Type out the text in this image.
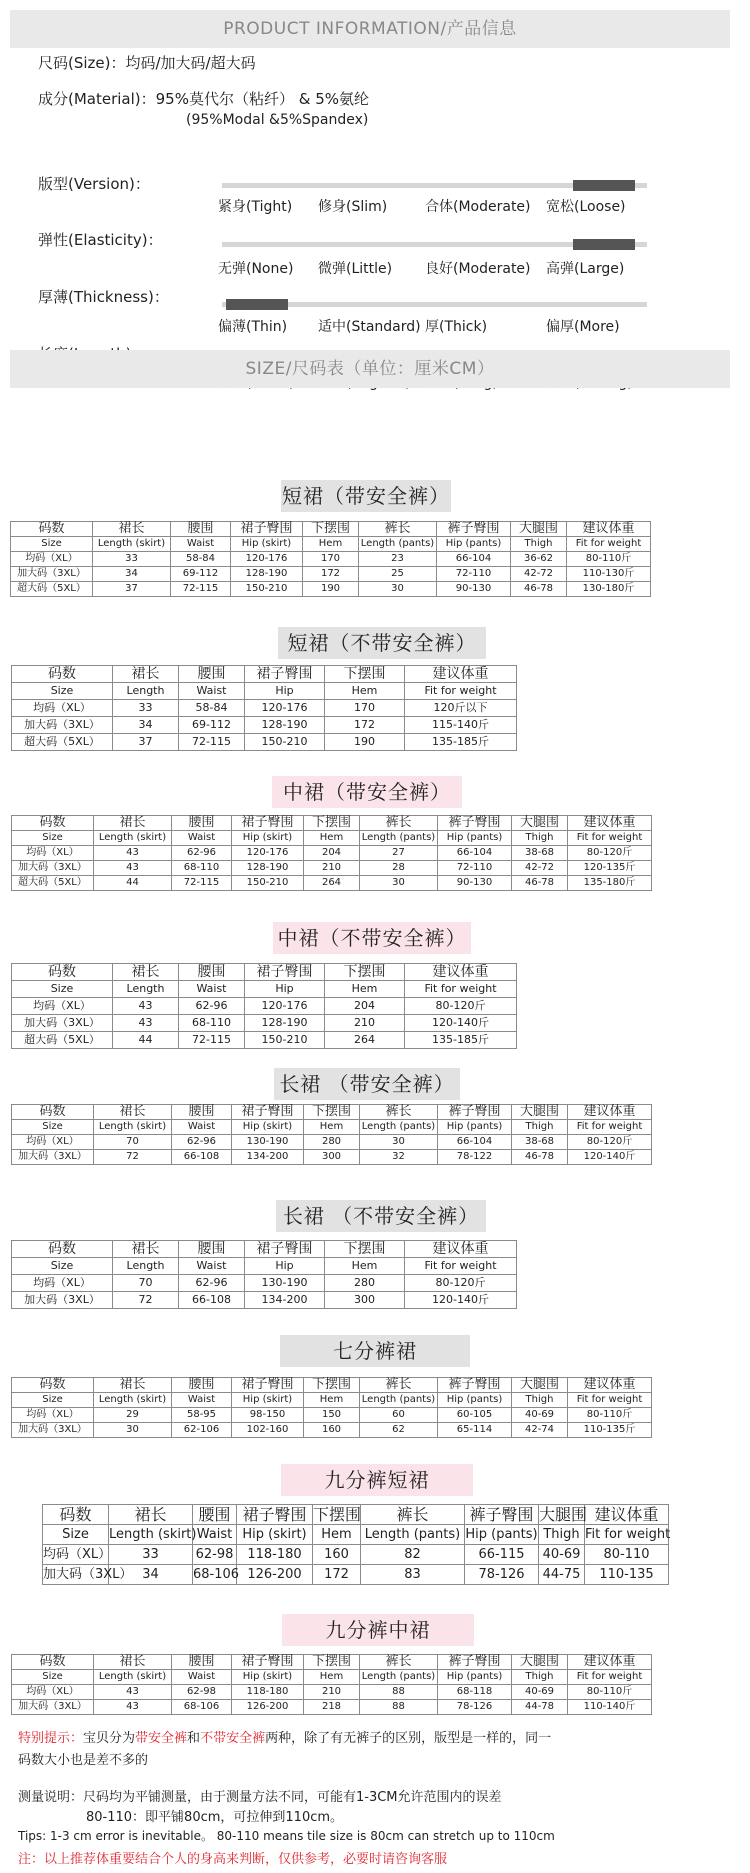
PRODUCT INFORMATION/产品信息
尺码(Size)：均码/加大码/超大码
成分(Material)：95%莫代尔（粘纤） & 5%氨纶
(95%Modal &5%Spandex)
版型(Version)：
紧身(Tight) 修身(Slim)	合体(Moderate) 宽松(Loose)
弹性(Elasticity)：
无弹(None) 微弹(Little) 良好(Moderate) 高弹(Large)
厚薄(Thickness)：
偏薄(Thin) 适中(Standard) 厚(Thick)	偏厚(More)
SIZE/尺码表（单位：厘米CM）
短裙（带安全裤）
码数	裙长	腰围	裙子臀围	下摆围	裤长	裤子臀围	大腿围	建议体重
Size	Length (skirt)	Waist	Hip (skirt)	Hem	Length (pants)	Hip (pants)	Thigh	Fit for weight
均码（XL）	33	58-84	120-176	170	23	66-104	36-62	80-110斤
加大码（3XL）	34	69-112	128-190	172	25	72-110	42-72	110-130斤
超大码（5XL）	37	72-115	150-210	190	30	90-130	46-78	130-180斤
短裙（不带安全裤）
码数	裙长	腰围	裙子臀围	下摆围	建议体重
Size	Length	Waist	Hip	Hem	Fit for weight
均码（XL）	33	58-84	120-176	170	120斤以下
加大码（3XL）	34	69-112	128-190	172	115-140斤
超大码（5XL）	37	72-115	150-210	190	135-185斤
中裙（带安全裤）
码数	裙长	腰围	裙子臀围	下摆围	裤长	裤子臀围	大腿围	建议体重
Size	Length (skirt)	Waist	Hip (skirt)	Hem	Length (pants)	Hip (pants)	Thigh	Fit for weight
均码（XL）	43	62-96	120-176	204	27	66-104	38-68	80-120斤
加大码（3XL）	43	68-110	128-190	210	28	72-110	42-72	120-135斤
超大码（5XL）	44	72-115	150-210	264	30	90-130	46-78	135-180斤
中裙（不带安全裤）
码数	裙长	腰围	裙子臀围	下摆围	建议体重
Size	Length	Waist	Hip	Hem	Fit for weight
均码（XL）	43	62-96	120-176	204	80-120斤
加大码（3XL）	43	68-110	128-190	210	120-140斤
超大码（5XL）	44	72-115	150-210	264	135-185斤
长裙 （带安全裤）
码数	裙长	腰围	裙子臀围	下摆围	裤长	裤子臀围	大腿围	建议体重
Size	Length (skirt)	Waist	Hip (skirt)	Hem	Length (pants)	Hip (pants)	Thigh	Fit for weight
均码（XL）	70	62-96	130-190	280	30	66-104	38-68	80-120斤
加大码（3XL）	72	66-108	134-200	300	32	78-122	46-78	120-140斤
长裙 （不带安全裤）
码数	裙长	腰围	裙子臀围	下摆围	建议体重
Size	Length	Waist	Hip	Hem	Fit for weight
均码（XL）	70	62-96	130-190	280	80-120斤
加大码（3XL）	72	66-108	134-200	300	120-140斤
七分裤裙
码数	裙长	腰围	裙子臀围	下摆围	裤长	裤子臀围	大腿围	建议体重
Size	Length (skirt)	Waist	Hip (skirt)	Hem	Length (pants)	Hip (pants)	Thigh	Fit for weight
均码（XL）	29	58-95	98-150	150	60	60-105	40-69	80-110斤
加大码（3XL）	30	62-106	102-160	160	62	65-114	42-74	110-135斤
九分裤短裙
码数	裙长	腰围	裙子臀围	下摆围	裤长	裤子臀围	大腿围	建议体重
Size	Length (skirt)	Waist	Hip (skirt)	Hem	Length (pants)	Hip (pants)	Thigh	Fit for weight
均码（XL）	33	62-98	118-180	160	82	66-115	40-69	80-110
加大码（3XL）	34	68-106	126-200	172	83	78-126	44-75	110-135
九分裤中裙
码数	裙长	腰围	裙子臀围	下摆围	裤长	裤子臀围	大腿围	建议体重
Size	Length (skirt)	Waist	Hip (skirt)	Hem	Length (pants)	Hip (pants)	Thigh	Fit for weight
均码（XL）	43	62-98	118-180	210	88	68-118	40-69	80-110斤
加大码（3XL）	43	68-106	126-200	218	88	78-126	44-78	110-140斤
特别提示：宝贝分为带安全裤和不带安全裤两种，除了有无裤子的区别，版型是一样的，同一
码数大小也是差不多的
测量说明：尺码均为平铺测量，由于测量方法不同，可能有1-3CM允许范围内的误差
80-110：即平铺80cm，可拉伸到110cm。
Tips: 1-3 cm error is inevitable。 80-110 means tile size is 80cm can stretch up to 110cm
注：以上推荐体重要结合个人的身高来判断，仅供参考，必要时请咨询客服
